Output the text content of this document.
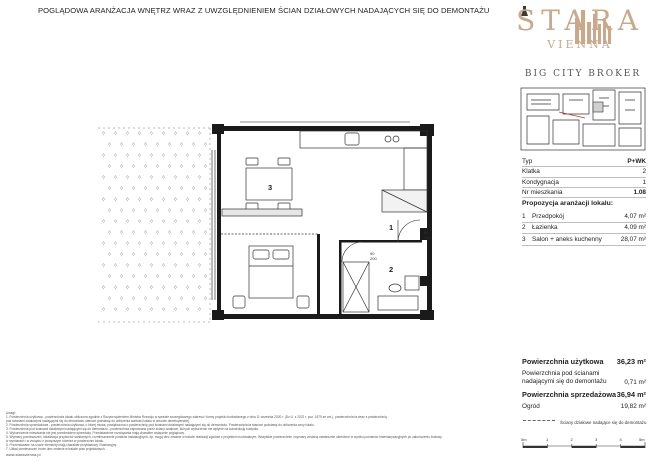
POGLĄDOWA ARANŻACJA WNĘTRZ WRAZ Z UWZGLĘDNIENIEM ŚCIAN DZIAŁOWYCH NADAJĄCYCH SIĘ DO DEMONTAŻU STARA
VIENNA
BIG CITY BROKER
Typ	P+WK
Klatka	2
Kondygnacja	1
Nr mieszkania	1.08
Propozycja aranżacji lokalu:
1	Przedpokój	4,07 m²
2	Łazienka	4,09 m²
3	Salon + aneks kuchenny	28,07 m²
Powierzchnia użytkowa 36,23 m²
Powierzchnia pod ścianami
nadającymi się do demontażu	0,71 m²
Powierzchnia sprzedażowa 36,94 m²
Ogród	19,82 m²
Ściany działowe nadające się do demontażu
0m	1	2	3	4	5m
Uwagi:
1. Powierzchnia użytkowa - powierzchnia lokalu obliczona zgodnie z Rozporządzeniem Ministra Rozwoju w sprawie szczegółowego zakresu i formy projektu budowlanego z dnia 11 września 2020 r. (Dz.U. z 2022 r. poz. 1679 ze zm.), powierzchnia ta wraz z powierzchnią
pod ścianami działowymi nadającymi się do demontażu stanowi podstawę do obliczenia wartości lokalu w umowie deweloperskiej.
2. Powierzchnia sprzedażowa - powierzchnia użytkowa, o której mowa, powiększona o powierzchnię pod ścianami działowymi nadającymi się do demontażu. Powierzchnia ta stanowi podstawę do obliczenia ceny lokalu.
3. Powierzchnia pod ścianami działowymi nadającymi się do demontażu - powierzchnia zajmowana przez ściany działowe, których wyburzenie nie wpłynie na konstrukcję budynku.
4. Wykończenie mieszkania nie jest przedmiotem sprzedaży. Przedstawione rozwiązania mają charakter wyłącznie poglądowy.
5. Wymiary pomieszczeń, lokalizacja przyborów sanitarnych, rozmieszczenie punktów instalacyjnych, itp. mogą ulec zmianie w trakcie realizacji zgodnie z projektem budowlanym. Wszystkie powierzchnie i wymiary zostaną ostatecznie określone w wyniku pomiarów inwentaryzacyjnych po zakończeniu budowy.
w wymiarach i w związku z powyższym również w powierzchni lokalu.
6. Prezentowane na rzucie elementy mają charakter przykładowy i ilustracyjny.
7. Układ pomieszczeń może ulec zmianie w trakcie prac projektowych.
www.staravienna.pl
3
1
2
80
200
90
200
